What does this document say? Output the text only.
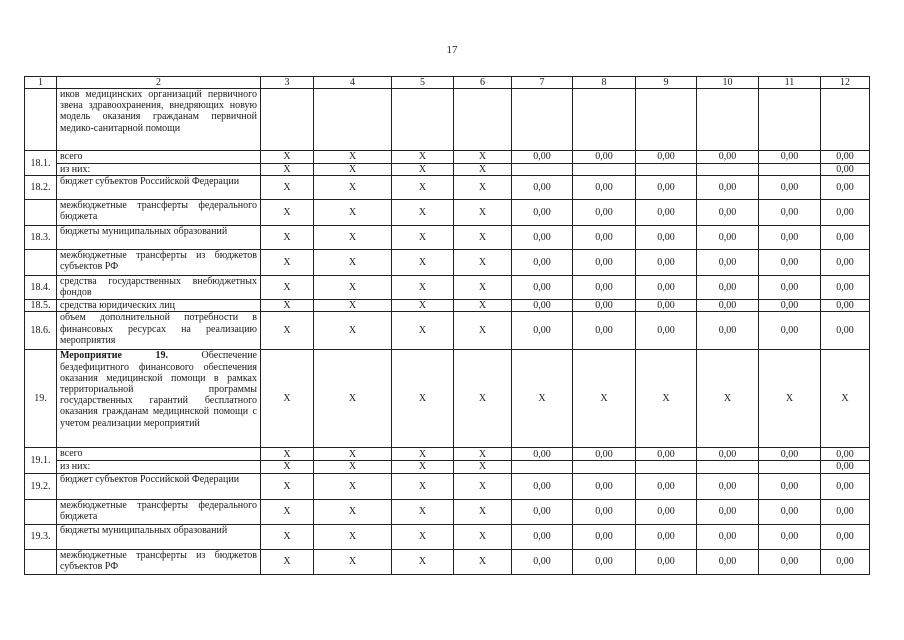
17
1	2	3	4	5	6	7	8	9	10	11	12
	иков медицинских организаций первичного звена здравоохранения, внедряющих новую модель оказания гражданам первичной медико-санитарной помощи										
18.1.	всего	X	X	X	X	0,00	0,00	0,00	0,00	0,00	0,00
	из них:	X	X	X	X						0,00
18.2.	бюджет субъектов Российской Федерации	X	X	X	X	0,00	0,00	0,00	0,00	0,00	0,00
	межбюджетные трансферты федерального бюджета	X	X	X	X	0,00	0,00	0,00	0,00	0,00	0,00
18.3.	бюджеты муниципальных образований	X	X	X	X	0,00	0,00	0,00	0,00	0,00	0,00
	межбюджетные трансферты из бюджетов субъектов РФ	X	X	X	X	0,00	0,00	0,00	0,00	0,00	0,00
18.4.	средства государственных внебюджетных фондов	X	X	X	X	0,00	0,00	0,00	0,00	0,00	0,00
18.5.	средства юридических лиц	X	X	X	X	0,00	0,00	0,00	0,00	0,00	0,00
18.6.	объем дополнительной потребности в финансовых ресурсах на реализацию мероприятия	X	X	X	X	0,00	0,00	0,00	0,00	0,00	0,00
19.	Мероприятие 19. Обеспечение бездефицитного финансового обеспечения оказания медицинской помощи в рамках территориальной программы государственных гарантий бесплатного оказания гражданам медицинской помощи с учетом реализации мероприятий	X	X	X	X	X	X	X	X	X	X
19.1.	всего	X	X	X	X	0,00	0,00	0,00	0,00	0,00	0,00
	из них:	X	X	X	X						0,00
19.2.	бюджет субъектов Российской Федерации	X	X	X	X	0,00	0,00	0,00	0,00	0,00	0,00
	межбюджетные трансферты федерального бюджета	X	X	X	X	0,00	0,00	0,00	0,00	0,00	0,00
19.3.	бюджеты муниципальных образований	X	X	X	X	0,00	0,00	0,00	0,00	0,00	0,00
	межбюджетные трансферты из бюджетов субъектов РФ	X	X	X	X	0,00	0,00	0,00	0,00	0,00	0,00
